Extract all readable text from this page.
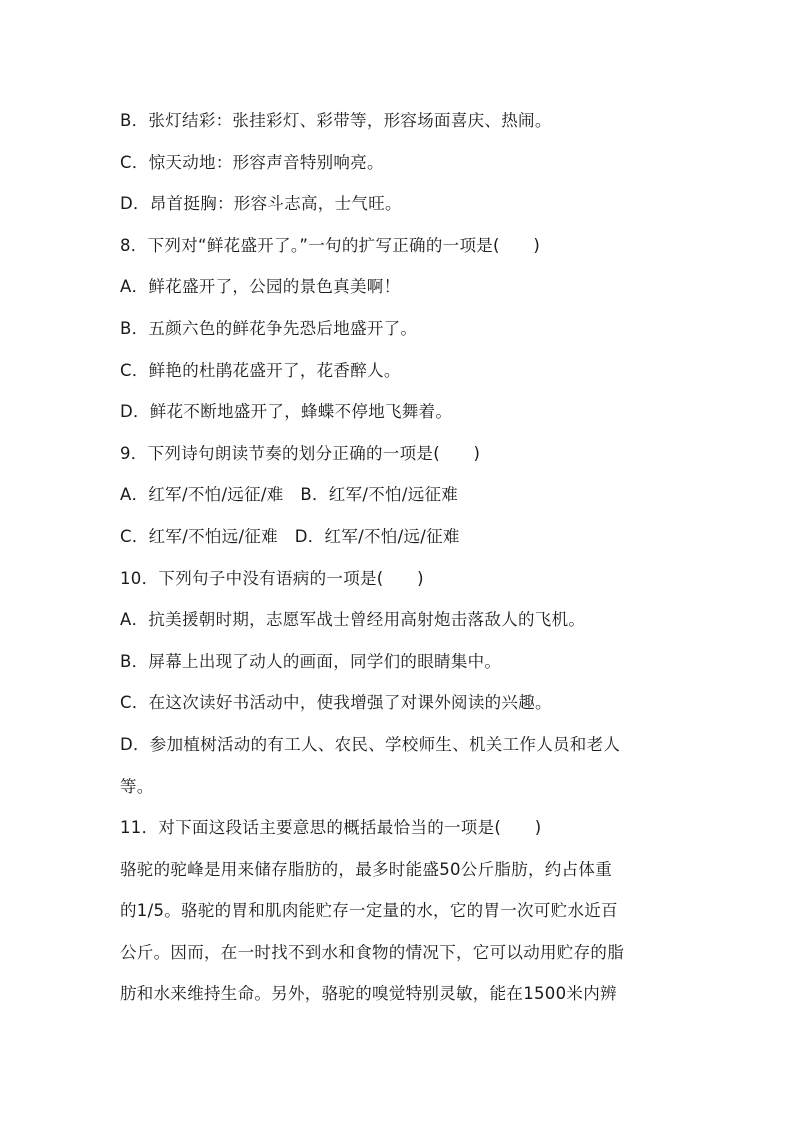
B．张灯结彩：张挂彩灯、彩带等，形容场面喜庆、热闹。
C．惊天动地：形容声音特别响亮。
D．昂首挺胸：形容斗志高，士气旺。
8．下列对“鲜花盛开了。”一句的扩写正确的一项是(　　)
A．鲜花盛开了，公园的景色真美啊！
B．五颜六色的鲜花争先恐后地盛开了。
C．鲜艳的杜鹃花盛开了，花香醉人。
D．鲜花不断地盛开了，蜂蝶不停地飞舞着。
9．下列诗句朗读节奏的划分正确的一项是(　　)
A．红军/不怕/远征/难　B．红军/不怕/远征难
C．红军/不怕远/征难　D．红军/不怕/远/征难
10．下列句子中没有语病的一项是(　　)
A．抗美援朝时期，志愿军战士曾经用高射炮击落敌人的飞机。
B．屏幕上出现了动人的画面，同学们的眼睛集中。
C．在这次读好书活动中，使我增强了对课外阅读的兴趣。
D．参加植树活动的有工人、农民、学校师生、机关工作人员和老人
等。
11．对下面这段话主要意思的概括最恰当的一项是(　　)
骆驼的驼峰是用来储存脂肪的，最多时能盛50公斤脂肪，约占体重
的1/5。骆驼的胃和肌肉能贮存一定量的水，它的胃一次可贮水近百
公斤。因而，在一时找不到水和食物的情况下，它可以动用贮存的脂
肪和水来维持生命。另外，骆驼的嗅觉特别灵敏，能在1500米内辨
